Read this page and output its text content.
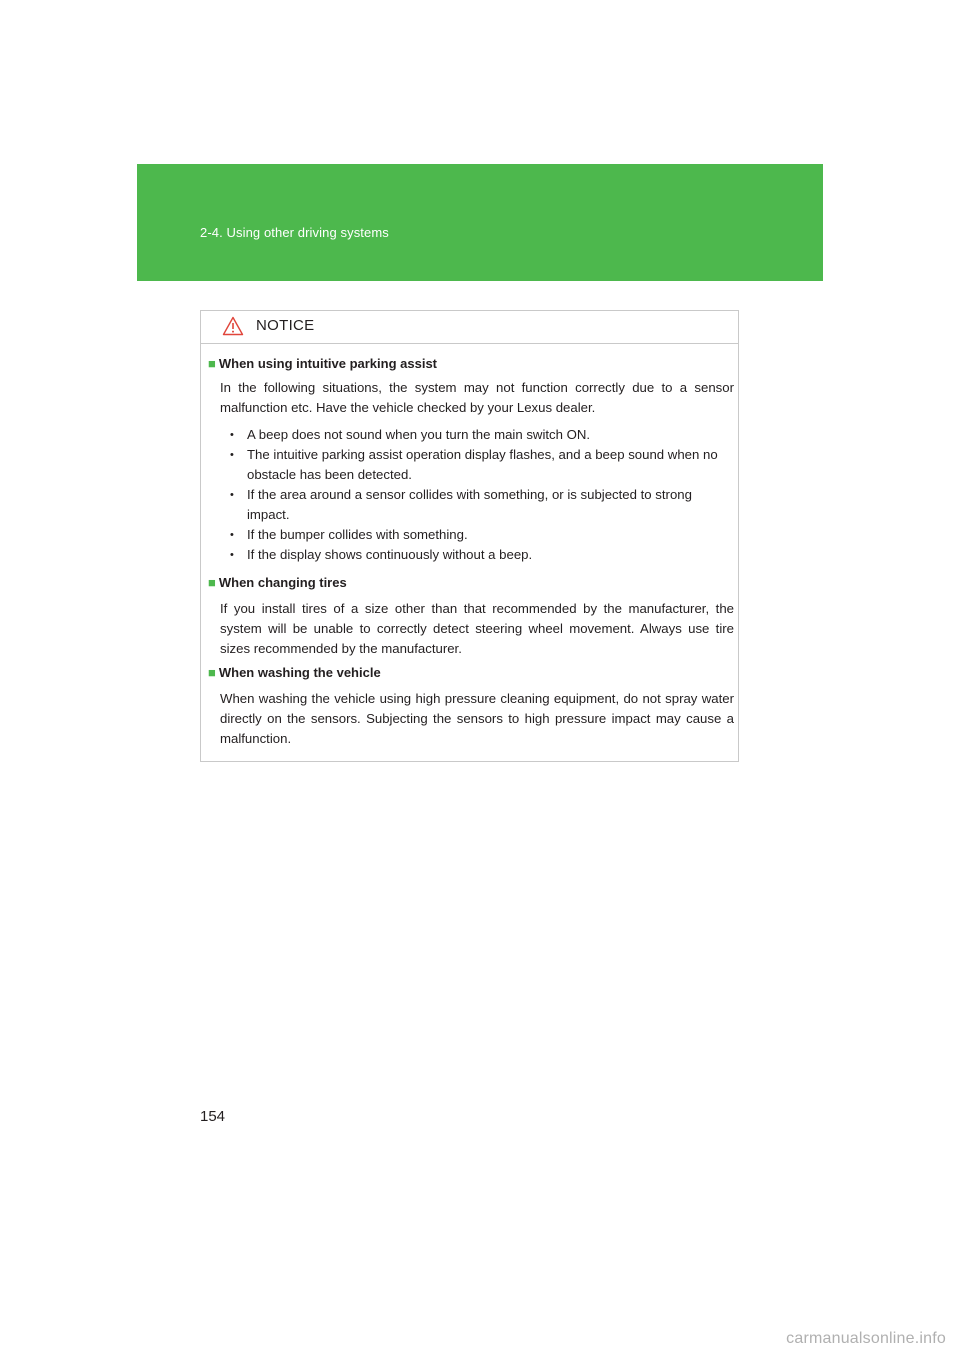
2-4. Using other driving systems
NOTICE
■ When using intuitive parking assist

In the following situations, the system may not function correctly due to a sensor malfunction etc. Have the vehicle checked by your Lexus dealer.

• A beep does not sound when you turn the main switch ON.
• The intuitive parking assist operation display flashes, and a beep sound when no obstacle has been detected.
• If the area around a sensor collides with something, or is subjected to strong impact.
• If the bumper collides with something.
• If the display shows continuously without a beep.
■ When changing tires

If you install tires of a size other than that recommended by the manufacturer, the system will be unable to correctly detect steering wheel movement. Always use tire sizes recommended by the manufacturer.

■ When washing the vehicle

When washing the vehicle using high pressure cleaning equipment, do not spray water directly on the sensors. Subjecting the sensors to high pressure impact may cause a malfunction.

154
carmanualsonline.info
